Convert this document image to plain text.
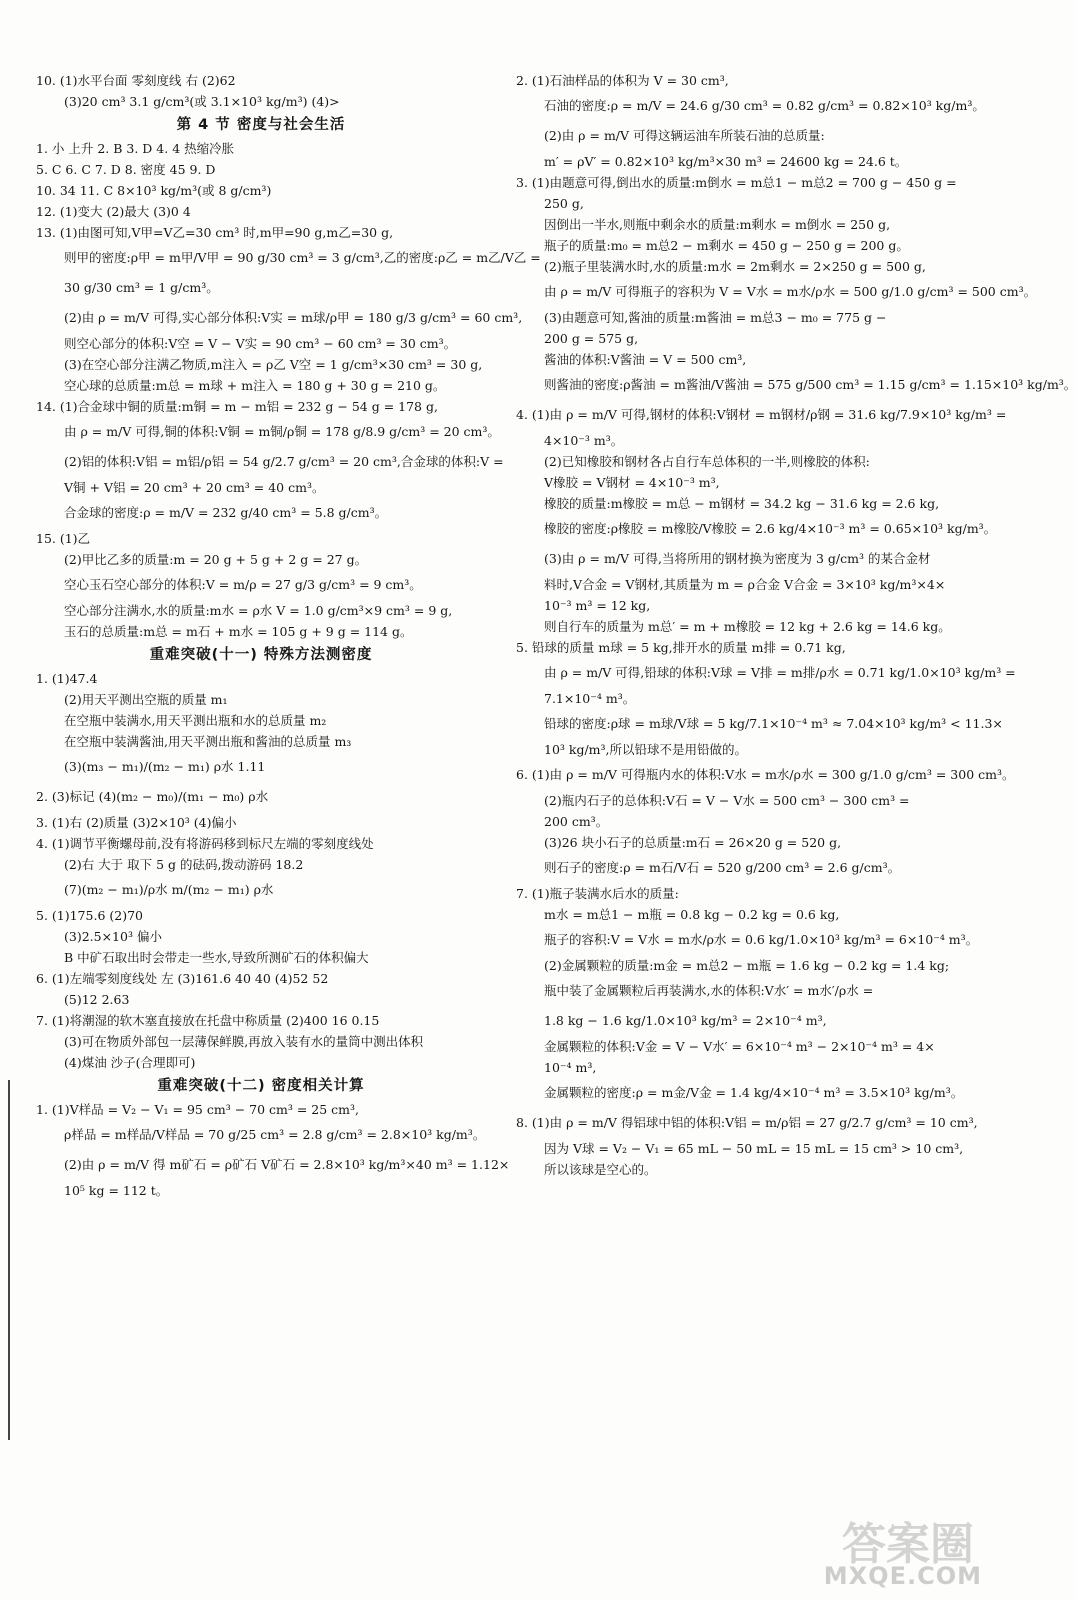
10. (1)水平台面 零刻度线 右 (2)62
(3)20 cm³ 3.1 g/cm³(或 3.1×10³ kg/m³) (4)>
第 4 节 密度与社会生活
1. 小 上升 2. B 3. D 4. 4 热缩冷胀
5. C 6. C 7. D 8. 密度 45 9. D
10. 34 11. C 8×10³ kg/m³(或 8 g/cm³)
12. (1)变大 (2)最大 (3)0 4
13. (1)由图可知,V甲=V乙=30 cm³ 时,m甲=90 g,m乙=30 g,
则甲的密度:ρ甲 = m甲/V甲 = 90 g/30 cm³ = 3 g/cm³,乙的密度:ρ乙 = m乙/V乙 =
30 g/30 cm³ = 1 g/cm³。
(2)由 ρ = m/V 可得,实心部分体积:V实 = m球/ρ甲 = 180 g/3 g/cm³ = 60 cm³,
则空心部分的体积:V空 = V − V实 = 90 cm³ − 60 cm³ = 30 cm³。
(3)在空心部分注满乙物质,m注入 = ρ乙 V空 = 1 g/cm³×30 cm³ = 30 g,
空心球的总质量:m总 = m球 + m注入 = 180 g + 30 g = 210 g。
14. (1)合金球中铜的质量:m铜 = m − m铝 = 232 g − 54 g = 178 g,
由 ρ = m/V 可得,铜的体积:V铜 = m铜/ρ铜 = 178 g/8.9 g/cm³ = 20 cm³。
(2)铝的体积:V铝 = m铝/ρ铝 = 54 g/2.7 g/cm³ = 20 cm³,合金球的体积:V =
V铜 + V铝 = 20 cm³ + 20 cm³ = 40 cm³。
合金球的密度:ρ = m/V = 232 g/40 cm³ = 5.8 g/cm³。
15. (1)乙
(2)甲比乙多的质量:m = 20 g + 5 g + 2 g = 27 g。
空心玉石空心部分的体积:V = m/ρ = 27 g/3 g/cm³ = 9 cm³。
空心部分注满水,水的质量:m水 = ρ水 V = 1.0 g/cm³×9 cm³ = 9 g,
玉石的总质量:m总 = m石 + m水 = 105 g + 9 g = 114 g。
重难突破(十一) 特殊方法测密度
1. (1)47.4
(2)用天平测出空瓶的质量 m₁
在空瓶中装满水,用天平测出瓶和水的总质量 m₂
在空瓶中装满酱油,用天平测出瓶和酱油的总质量 m₃
(3)(m₃ − m₁)/(m₂ − m₁) ρ水 1.11
2. (3)标记 (4)(m₂ − m₀)/(m₁ − m₀) ρ水
3. (1)右 (2)质量 (3)2×10³ (4)偏小
4. (1)调节平衡螺母前,没有将游码移到标尺左端的零刻度线处
(2)右 大于 取下 5 g 的砝码,拨动游码 18.2
(7)(m₂ − m₁)/ρ水 m/(m₂ − m₁) ρ水
5. (1)175.6 (2)70
(3)2.5×10³ 偏小
B 中矿石取出时会带走一些水,导致所测矿石的体积偏大
6. (1)左端零刻度线处 左 (3)161.6 40 40 (4)52 52
(5)12 2.63
7. (1)将潮湿的软木塞直接放在托盘中称质量 (2)400 16 0.15
(3)可在物质外部包一层薄保鲜膜,再放入装有水的量筒中测出体积
(4)煤油 沙子(合理即可)
重难突破(十二) 密度相关计算
1. (1)V样品 = V₂ − V₁ = 95 cm³ − 70 cm³ = 25 cm³,
ρ样品 = m样品/V样品 = 70 g/25 cm³ = 2.8 g/cm³ = 2.8×10³ kg/m³。
(2)由 ρ = m/V 得 m矿石 = ρ矿石 V矿石 = 2.8×10³ kg/m³×40 m³ = 1.12×
10⁵ kg = 112 t。
2. (1)石油样品的体积为 V = 30 cm³,
石油的密度:ρ = m/V = 24.6 g/30 cm³ = 0.82 g/cm³ = 0.82×10³ kg/m³。
(2)由 ρ = m/V 可得这辆运油车所装石油的总质量:
m′ = ρV′ = 0.82×10³ kg/m³×30 m³ = 24600 kg = 24.6 t。
3. (1)由题意可得,倒出水的质量:m倒水 = m总1 − m总2 = 700 g − 450 g =
250 g,
因倒出一半水,则瓶中剩余水的质量:m剩水 = m倒水 = 250 g,
瓶子的质量:m₀ = m总2 − m剩水 = 450 g − 250 g = 200 g。
(2)瓶子里装满水时,水的质量:m水 = 2m剩水 = 2×250 g = 500 g,
由 ρ = m/V 可得瓶子的容积为 V = V水 = m水/ρ水 = 500 g/1.0 g/cm³ = 500 cm³。
(3)由题意可知,酱油的质量:m酱油 = m总3 − m₀ = 775 g −
200 g = 575 g,
酱油的体积:V酱油 = V = 500 cm³,
则酱油的密度:ρ酱油 = m酱油/V酱油 = 575 g/500 cm³ = 1.15 g/cm³ = 1.15×10³ kg/m³。
4. (1)由 ρ = m/V 可得,钢材的体积:V钢材 = m钢材/ρ钢 = 31.6 kg/7.9×10³ kg/m³ =
4×10⁻³ m³。
(2)已知橡胶和钢材各占自行车总体积的一半,则橡胶的体积:
V橡胶 = V钢材 = 4×10⁻³ m³,
橡胶的质量:m橡胶 = m总 − m钢材 = 34.2 kg − 31.6 kg = 2.6 kg,
橡胶的密度:ρ橡胶 = m橡胶/V橡胶 = 2.6 kg/4×10⁻³ m³ = 0.65×10³ kg/m³。
(3)由 ρ = m/V 可得,当将所用的钢材换为密度为 3 g/cm³ 的某合金材
料时,V合金 = V钢材,其质量为 m = ρ合金 V合金 = 3×10³ kg/m³×4×
10⁻³ m³ = 12 kg,
则自行车的质量为 m总′ = m + m橡胶 = 12 kg + 2.6 kg = 14.6 kg。
5. 铅球的质量 m球 = 5 kg,排开水的质量 m排 = 0.71 kg,
由 ρ = m/V 可得,铅球的体积:V球 = V排 = m排/ρ水 = 0.71 kg/1.0×10³ kg/m³ =
7.1×10⁻⁴ m³。
铅球的密度:ρ球 = m球/V球 = 5 kg/7.1×10⁻⁴ m³ ≈ 7.04×10³ kg/m³ < 11.3×
10³ kg/m³,所以铅球不是用铅做的。
6. (1)由 ρ = m/V 可得瓶内水的体积:V水 = m水/ρ水 = 300 g/1.0 g/cm³ = 300 cm³。
(2)瓶内石子的总体积:V石 = V − V水 = 500 cm³ − 300 cm³ =
200 cm³。
(3)26 块小石子的总质量:m石 = 26×20 g = 520 g,
则石子的密度:ρ = m石/V石 = 520 g/200 cm³ = 2.6 g/cm³。
7. (1)瓶子装满水后水的质量:
m水 = m总1 − m瓶 = 0.8 kg − 0.2 kg = 0.6 kg,
瓶子的容积:V = V水 = m水/ρ水 = 0.6 kg/1.0×10³ kg/m³ = 6×10⁻⁴ m³。
(2)金属颗粒的质量:m金 = m总2 − m瓶 = 1.6 kg − 0.2 kg = 1.4 kg;
瓶中装了金属颗粒后再装满水,水的体积:V水′ = m水′/ρ水 =
1.8 kg − 1.6 kg/1.0×10³ kg/m³ = 2×10⁻⁴ m³,
金属颗粒的体积:V金 = V − V水′ = 6×10⁻⁴ m³ − 2×10⁻⁴ m³ = 4×
10⁻⁴ m³,
金属颗粒的密度:ρ = m金/V金 = 1.4 kg/4×10⁻⁴ m³ = 3.5×10³ kg/m³。
8. (1)由 ρ = m/V 得铝球中铝的体积:V铝 = m/ρ铝 = 27 g/2.7 g/cm³ = 10 cm³,
因为 V球 = V₂ − V₁ = 65 mL − 50 mL = 15 mL = 15 cm³ > 10 cm³,
所以该球是空心的。
答案圈
MXQE.COM
